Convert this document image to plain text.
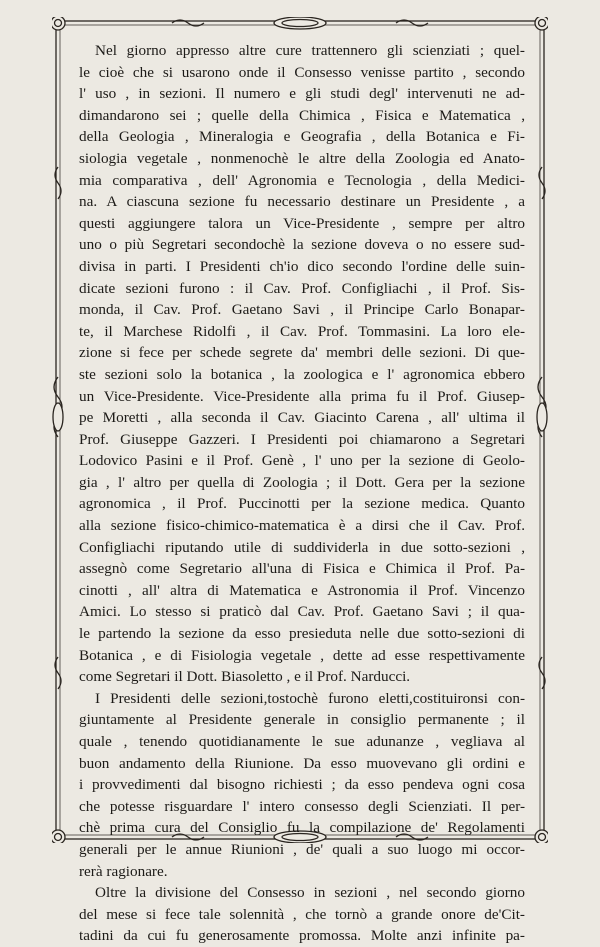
Nel giorno appresso altre cure trattennero gli scienziati ; quel-
le cioè che si usarono onde il Consesso venisse partito , secondo
l' uso , in sezioni. Il numero e gli studi degl' intervenuti ne ad-
dimandarono sei ; quelle della Chimica , Fisica e Matematica ,
della Geologia , Mineralogia e Geografia , della Botanica e Fi-
siologia vegetale , nonmenochè le altre della Zoologia ed Anato-
mia comparativa , dell' Agronomia e Tecnologia , della Medici-
na. A ciascuna sezione fu necessario destinare un Presidente , a
questi aggiungere talora un Vice-Presidente , sempre per altro
uno o più Segretari secondochè la sezione doveva o no essere sud-
divisa in parti. I Presidenti ch'io dico secondo l'ordine delle suin-
dicate sezioni furono : il Cav. Prof. Configliachi , il Prof. Sis-
monda, il Cav. Prof. Gaetano Savi , il Principe Carlo Bonapar-
te, il Marchese Ridolfi , il Cav. Prof. Tommasini. La loro ele-
zione si fece per schede segrete da' membri delle sezioni. Di que-
ste sezioni solo la botanica , la zoologica e l' agronomica ebbero
un Vice-Presidente. Vice-Presidente alla prima fu il Prof. Giusep-
pe Moretti , alla seconda il Cav. Giacinto Carena , all' ultima il
Prof. Giuseppe Gazzeri. I Presidenti poi chiamarono a Segretari
Lodovico Pasini e il Prof. Genè , l' uno per la sezione di Geolo-
gia , l' altro per quella di Zoologia ; il Dott. Gera per la sezione
agronomica , il Prof. Puccinotti per la sezione medica. Quanto
alla sezione fisico-chimico-matematica è a dirsi che il Cav. Prof.
Configliachi riputando utile di suddividerla in due sotto-sezioni ,
assegnò come Segretario all'una di Fisica e Chimica il Prof. Pa-
cinotti , all' altra di Matematica e Astronomia il Prof. Vincenzo
Amici. Lo stesso si praticò dal Cav. Prof. Gaetano Savi ; il qua-
le partendo la sezione da esso presieduta nelle due sotto-sezioni di
Botanica , e di Fisiologia vegetale , dette ad esse respettivamente
come Segretari il Dott. Biasoletto , e il Prof. Narducci.
I Presidenti delle sezioni,tostochè furono eletti,costituironsi con-
giuntamente al Presidente generale in consiglio permanente ; il
quale , tenendo quotidianamente le sue adunanze , vegliava al
buon andamento della Riunione. Da esso muovevano gli ordini e
i provvedimenti dal bisogno richiesti ; da esso pendeva ogni cosa
che potesse risguardare l' intero consesso degli Scienziati. Il per-
chè prima cura del Consiglio fu la compilazione de' Regolamenti
generali per le annue Riunioni , de' quali a suo luogo mi occor-
rerà ragionare.
Oltre la divisione del Consesso in sezioni , nel secondo giorno
del mese si fece tale solennità , che tornò a grande onore de'Cit-
tadini da cui fu generosamente promossa. Molte anzi infinite pa-
